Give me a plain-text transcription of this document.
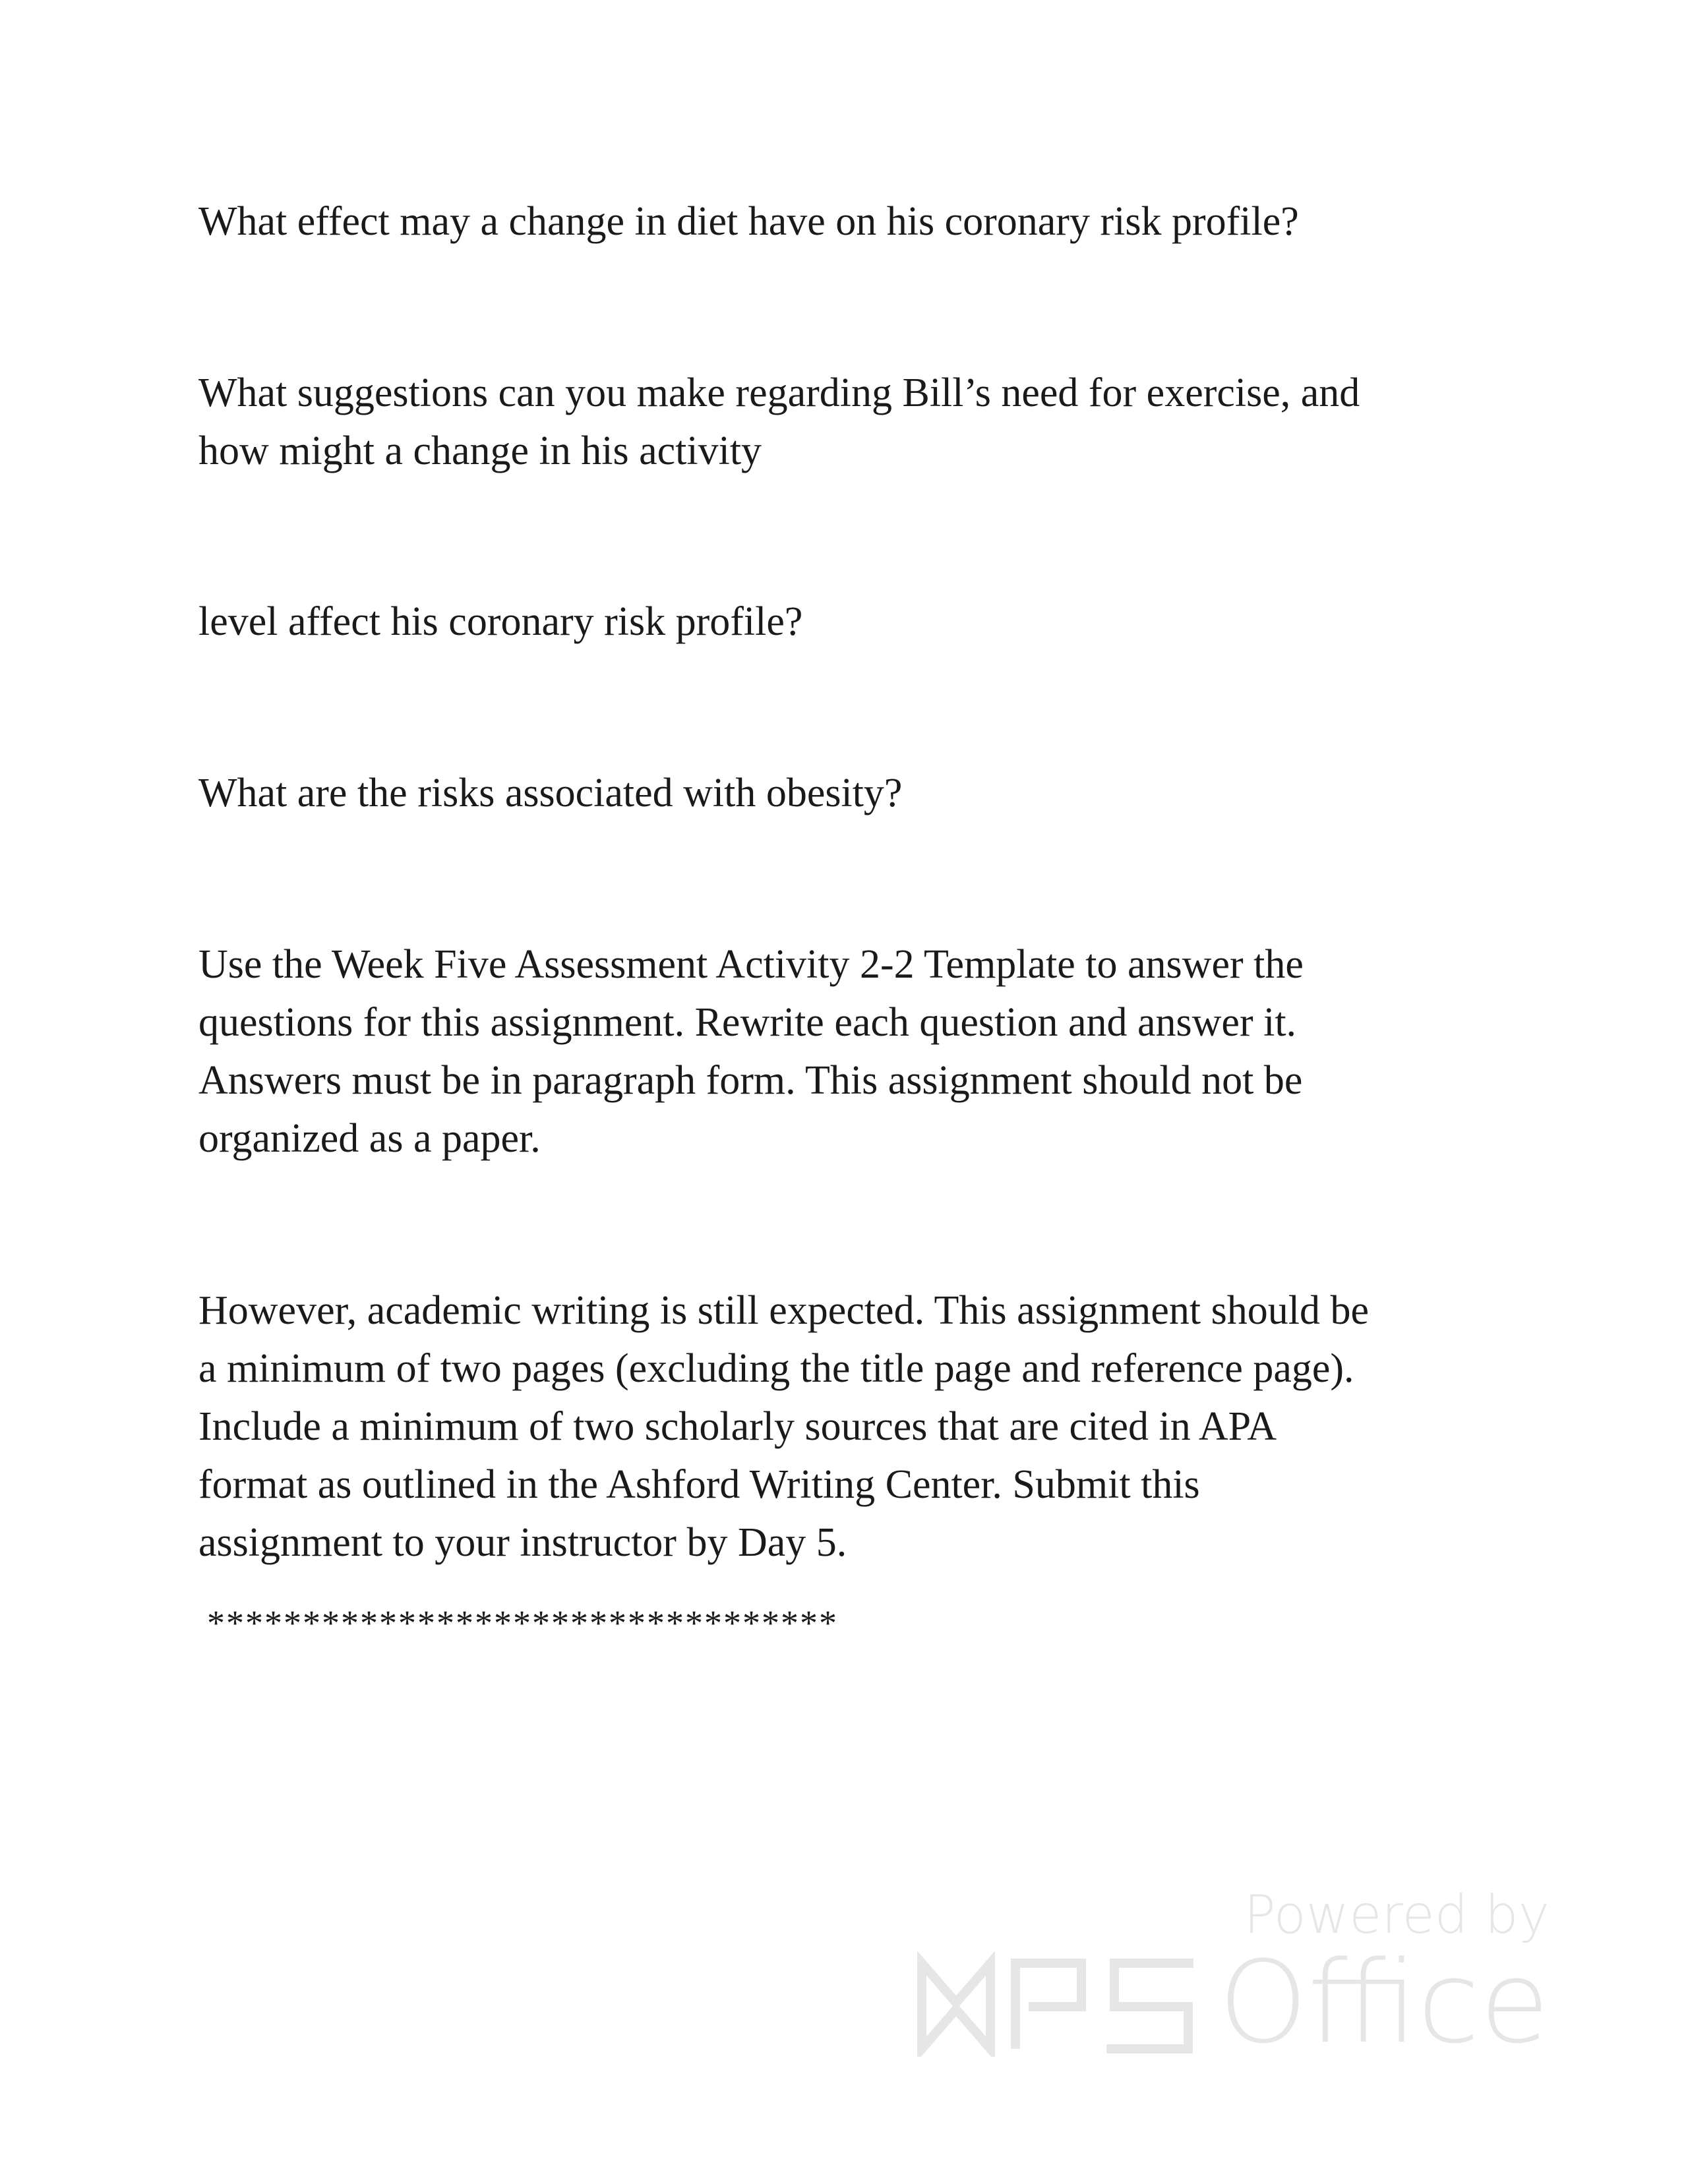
What effect may a change in diet have on his coronary risk profile?

What suggestions can you make regarding Bill’s need for exercise, and
how might a change in his activity

level affect his coronary risk profile?

What are the risks associated with obesity?

Use the Week Five Assessment Activity 2-2 Template to answer the
questions for this assignment. Rewrite each question and answer it.
Answers must be in paragraph form. This assignment should not be
organized as a paper.

However, academic writing is still expected. This assignment should be
a minimum of two pages (excluding the title page and reference page).
Include a minimum of two scholarly sources that are cited in APA
format as outlined in the Ashford Writing Center. Submit this
assignment to your instructor by Day 5.

*********************************

Powered by
Office
